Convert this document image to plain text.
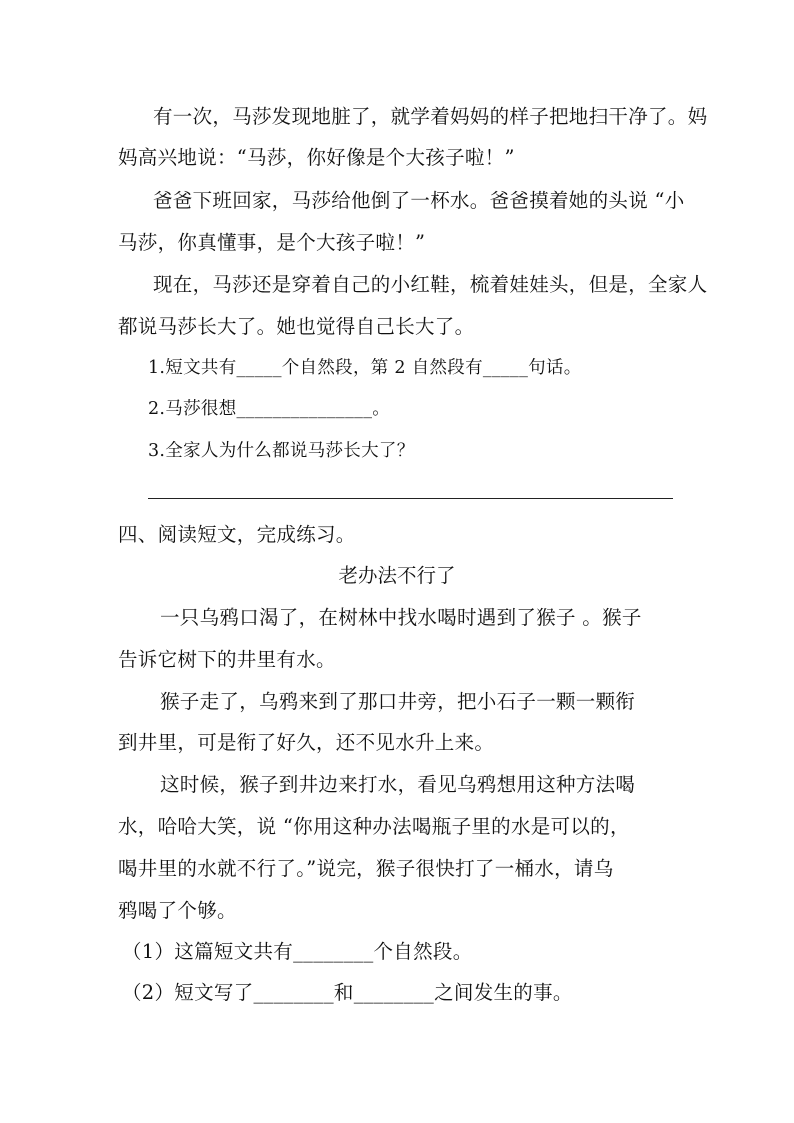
有一次，马莎发现地脏了，就学着妈妈的样子把地扫干净了。妈
妈高兴地说：“马莎，你好像是个大孩子啦！”
爸爸下班回家，马莎给他倒了一杯水。爸爸摸着她的头说 “小
马莎，你真懂事，是个大孩子啦！”
现在，马莎还是穿着自己的小红鞋，梳着娃娃头，但是，全家人
都说马莎长大了。她也觉得自己长大了。
1.短文共有_____个自然段，第 2 自然段有_____句话。
2.马莎很想_______________。
3.全家人为什么都说马莎长大了？
四、阅读短文，完成练习。
老办法不行了
一只乌鸦口渴了，在树林中找水喝时遇到了猴子 。猴子
告诉它树下的井里有水。
猴子走了，乌鸦来到了那口井旁，把小石子一颗一颗衔
到井里，可是衔了好久，还不见水升上来。
这时候，猴子到井边来打水，看见乌鸦想用这种方法喝
水，哈哈大笑，说 “你用这种办法喝瓶子里的水是可以的，
喝井里的水就不行了。”说完，猴子很快打了一桶水，请乌
鸦喝了个够。
（1）这篇短文共有________个自然段。
（2）短文写了________和________之间发生的事。
